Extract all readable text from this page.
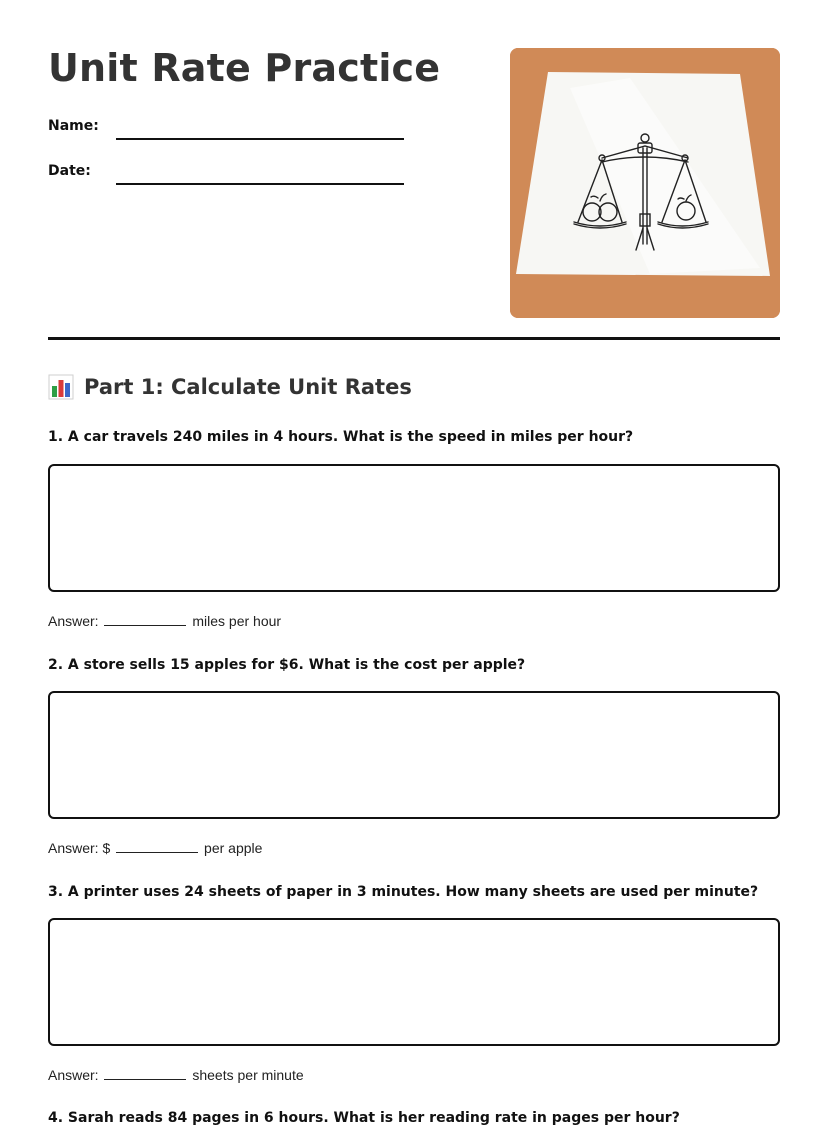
Unit Rate Practice
Name:
Date:
Part 1: Calculate Unit Rates
1. A car travels 240 miles in 4 hours. What is the speed in miles per hour?
Answer:	miles per hour
2. A store sells 15 apples for $6. What is the cost per apple?
Answer: $	per apple
3. A printer uses 24 sheets of paper in 3 minutes. How many sheets are used per minute?
Answer:	sheets per minute
4. Sarah reads 84 pages in 6 hours. What is her reading rate in pages per hour?
